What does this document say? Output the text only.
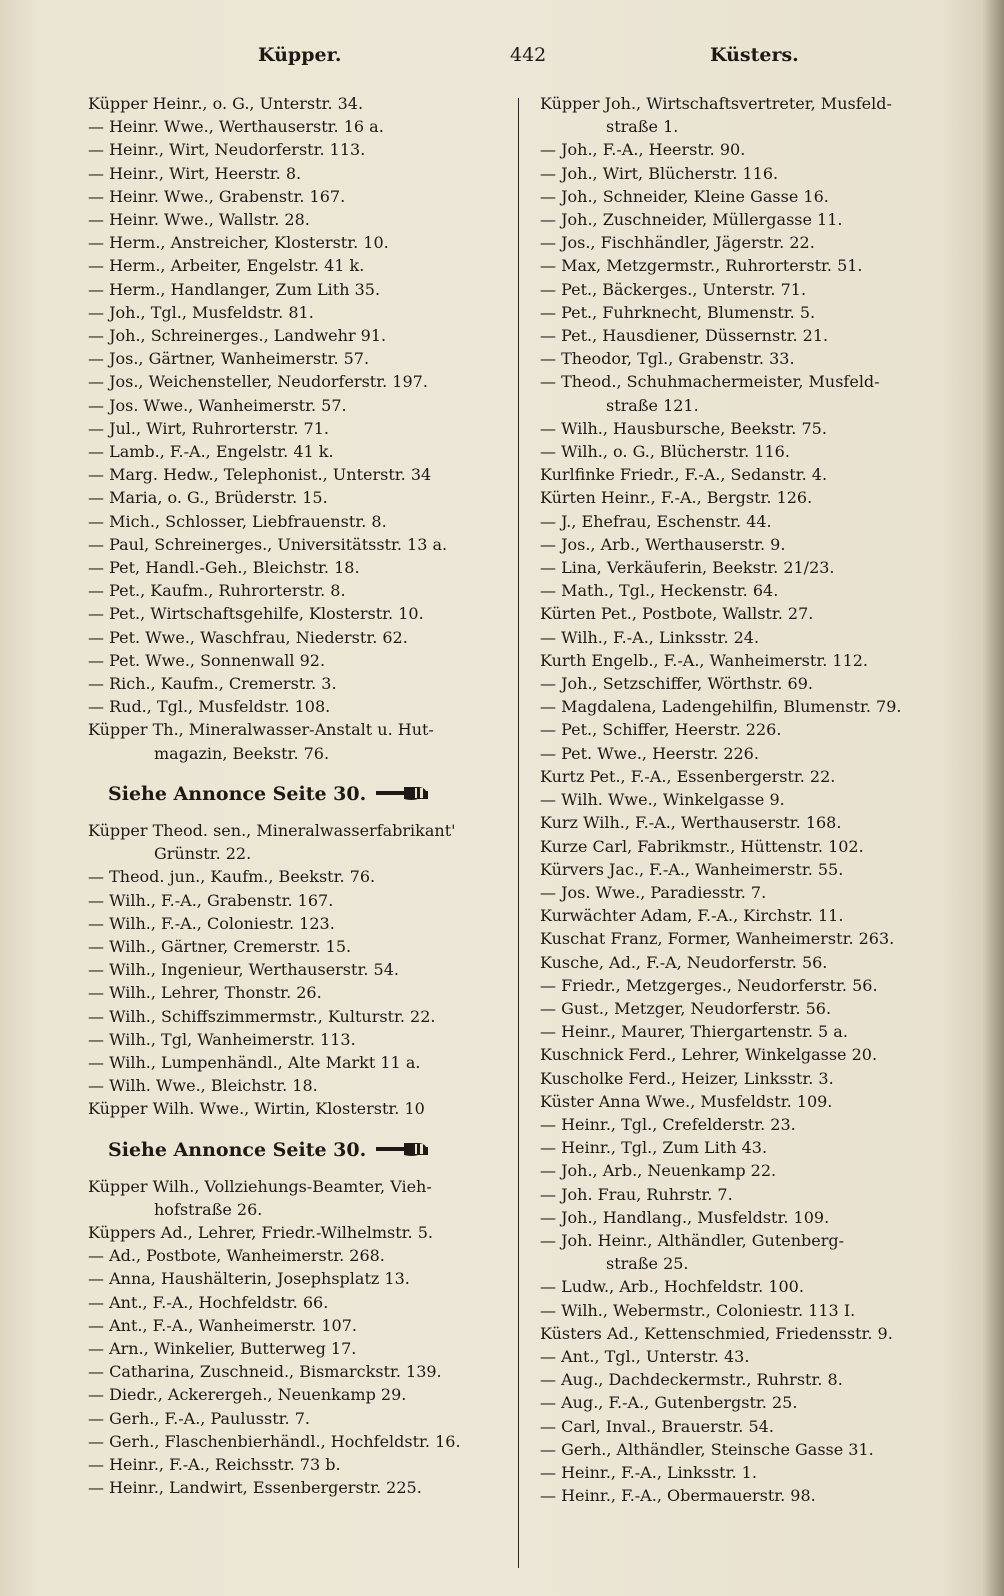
Küpper.	442	Küsters.
Küpper Heinr., o. G., Unterstr. 34.
— Heinr. Wwe., Werthauserstr. 16 a.
— Heinr., Wirt, Neudorferstr. 113.
— Heinr., Wirt, Heerstr. 8.
— Heinr. Wwe., Grabenstr. 167.
— Heinr. Wwe., Wallstr. 28.
— Herm., Anstreicher, Klosterstr. 10.
— Herm., Arbeiter, Engelstr. 41 k.
— Herm., Handlanger, Zum Lith 35.
— Joh., Tgl., Musfeldstr. 81.
— Joh., Schreinerges., Landwehr 91.
— Jos., Gärtner, Wanheimerstr. 57.
— Jos., Weichensteller, Neudorferstr. 197.
— Jos. Wwe., Wanheimerstr. 57.
— Jul., Wirt, Ruhrorterstr. 71.
— Lamb., F.-A., Engelstr. 41 k.
— Marg. Hedw., Telephonist., Unterstr. 34
— Maria, o. G., Brüderstr. 15.
— Mich., Schlosser, Liebfrauenstr. 8.
— Paul, Schreinerges., Universitätsstr. 13 a.
— Pet, Handl.-Geh., Bleichstr. 18.
— Pet., Kaufm., Ruhrorterstr. 8.
— Pet., Wirtschaftsgehilfe, Klosterstr. 10.
— Pet. Wwe., Waschfrau, Niederstr. 62.
— Pet. Wwe., Sonnenwall 92.
— Rich., Kaufm., Cremerstr. 3.
— Rud., Tgl., Musfeldstr. 108.
Küpper Th., Mineralwasser-Anstalt u. Hut-
magazin, Beekstr. 76.
Siehe Annonce Seite 30.
Küpper Theod. sen., Mineralwasserfabrikant'
Grünstr. 22.
— Theod. jun., Kaufm., Beekstr. 76.
— Wilh., F.-A., Grabenstr. 167.
— Wilh., F.-A., Coloniestr. 123.
— Wilh., Gärtner, Cremerstr. 15.
— Wilh., Ingenieur, Werthauserstr. 54.
— Wilh., Lehrer, Thonstr. 26.
— Wilh., Schiffszimmermstr., Kulturstr. 22.
— Wilh., Tgl, Wanheimerstr. 113.
— Wilh., Lumpenhändl., Alte Markt 11 a.
— Wilh. Wwe., Bleichstr. 18.
Küpper Wilh. Wwe., Wirtin, Klosterstr. 10
Siehe Annonce Seite 30.
Küpper Wilh., Vollziehungs-Beamter, Vieh-
hofstraße 26.
Küppers Ad., Lehrer, Friedr.-Wilhelmstr. 5.
— Ad., Postbote, Wanheimerstr. 268.
— Anna, Haushälterin, Josephsplatz 13.
— Ant., F.-A., Hochfeldstr. 66.
— Ant., F.-A., Wanheimerstr. 107.
— Arn., Winkelier, Butterweg 17.
— Catharina, Zuschneid., Bismarckstr. 139.
— Diedr., Ackerergeh., Neuenkamp 29.
— Gerh., F.-A., Paulusstr. 7.
— Gerh., Flaschenbierhändl., Hochfeldstr. 16.
— Heinr., F.-A., Reichsstr. 73 b.
— Heinr., Landwirt, Essenbergerstr. 225.
Küpper Joh., Wirtschaftsvertreter, Musfeld-
straße 1.
— Joh., F.-A., Heerstr. 90.
— Joh., Wirt, Blücherstr. 116.
— Joh., Schneider, Kleine Gasse 16.
— Joh., Zuschneider, Müllergasse 11.
— Jos., Fischhändler, Jägerstr. 22.
— Max, Metzgermstr., Ruhrorterstr. 51.
— Pet., Bäckerges., Unterstr. 71.
— Pet., Fuhrknecht, Blumenstr. 5.
— Pet., Hausdiener, Düssernstr. 21.
— Theodor, Tgl., Grabenstr. 33.
— Theod., Schuhmachermeister, Musfeld-
straße 121.
— Wilh., Hausbursche, Beekstr. 75.
— Wilh., o. G., Blücherstr. 116.
Kurlfinke Friedr., F.-A., Sedanstr. 4.
Kürten Heinr., F.-A., Bergstr. 126.
— J., Ehefrau, Eschenstr. 44.
— Jos., Arb., Werthauserstr. 9.
— Lina, Verkäuferin, Beekstr. 21/23.
— Math., Tgl., Heckenstr. 64.
Kürten Pet., Postbote, Wallstr. 27.
— Wilh., F.-A., Linksstr. 24.
Kurth Engelb., F.-A., Wanheimerstr. 112.
— Joh., Setzschiffer, Wörthstr. 69.
— Magdalena, Ladengehilfin, Blumenstr. 79.
— Pet., Schiffer, Heerstr. 226.
— Pet. Wwe., Heerstr. 226.
Kurtz Pet., F.-A., Essenbergerstr. 22.
— Wilh. Wwe., Winkelgasse 9.
Kurz Wilh., F.-A., Werthauserstr. 168.
Kurze Carl, Fabrikmstr., Hüttenstr. 102.
Kürvers Jac., F.-A., Wanheimerstr. 55.
— Jos. Wwe., Paradiesstr. 7.
Kurwächter Adam, F.-A., Kirchstr. 11.
Kuschat Franz, Former, Wanheimerstr. 263.
Kusche, Ad., F.-A, Neudorferstr. 56.
— Friedr., Metzgerges., Neudorferstr. 56.
— Gust., Metzger, Neudorferstr. 56.
— Heinr., Maurer, Thiergartenstr. 5 a.
Kuschnick Ferd., Lehrer, Winkelgasse 20.
Kuscholke Ferd., Heizer, Linksstr. 3.
Küster Anna Wwe., Musfeldstr. 109.
— Heinr., Tgl., Crefelderstr. 23.
— Heinr., Tgl., Zum Lith 43.
— Joh., Arb., Neuenkamp 22.
— Joh. Frau, Ruhrstr. 7.
— Joh., Handlang., Musfeldstr. 109.
— Joh. Heinr., Althändler, Gutenberg-
straße 25.
— Ludw., Arb., Hochfeldstr. 100.
— Wilh., Webermstr., Coloniestr. 113 I.
Küsters Ad., Kettenschmied, Friedensstr. 9.
— Ant., Tgl., Unterstr. 43.
— Aug., Dachdeckermstr., Ruhrstr. 8.
— Aug., F.-A., Gutenbergstr. 25.
— Carl, Inval., Brauerstr. 54.
— Gerh., Althändler, Steinsche Gasse 31.
— Heinr., F.-A., Linksstr. 1.
— Heinr., F.-A., Obermauerstr. 98.
